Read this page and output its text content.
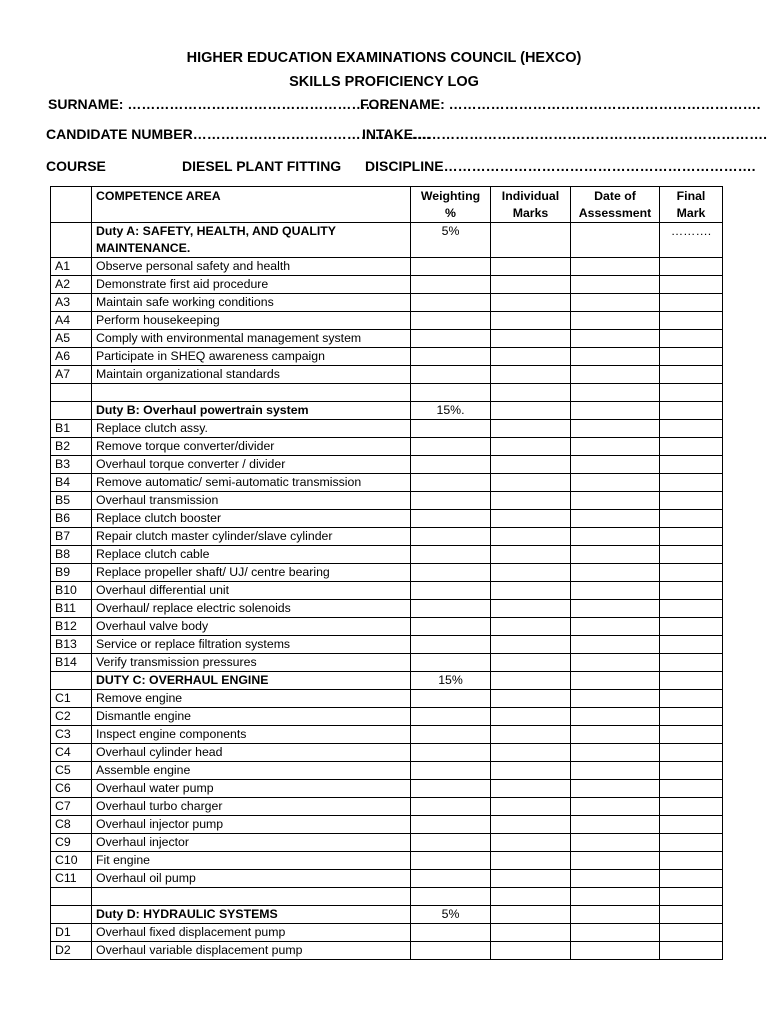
HIGHER EDUCATION EXAMINATIONS COUNCIL (HEXCO)
SKILLS PROFICIENCY LOG
SURNAME: …………………………………………………
FORENAME: ………………………………………………………….
CANDIDATE NUMBER……………………………………………
INTAKE………………………………………………………………….
COURSE	DIESEL PLANT FITTING DISCIPLINE………………………………………………………….
	COMPETENCE AREA	Weighting %	Individual Marks	Date of Assessment	Final Mark
	Duty A: SAFETY, HEALTH, AND QUALITY MAINTENANCE.	5%			……….
A1	Observe personal safety and health				
A2	Demonstrate first aid procedure				
A3	Maintain safe working conditions				
A4	Perform housekeeping				
A5	Comply with environmental management system				
A6	Participate in SHEQ awareness campaign				
A7	Maintain organizational standards				

	Duty B: Overhaul powertrain system	15%.			
B1	Replace clutch assy.				
B2	Remove torque converter/divider				
B3	Overhaul torque converter / divider				
B4	Remove automatic/ semi-automatic transmission				
B5	Overhaul transmission				
B6	Replace clutch booster				
B7	Repair clutch master cylinder/slave cylinder				
B8	Replace clutch cable				
B9	Replace propeller shaft/ UJ/ centre bearing				
B10	Overhaul differential unit				
B11	Overhaul/ replace electric solenoids				
B12	Overhaul valve body				
B13	Service or replace filtration systems				
B14	Verify transmission pressures				
	DUTY C: OVERHAUL ENGINE	15%			
C1	Remove engine				
C2	Dismantle engine				
C3	Inspect engine components				
C4	Overhaul cylinder head				
C5	Assemble engine				
C6	Overhaul water pump				
C7	Overhaul turbo charger				
C8	Overhaul injector pump				
C9	Overhaul injector				
C10	Fit engine				
C11	Overhaul oil pump				

	Duty D: HYDRAULIC SYSTEMS	5%			
D1	Overhaul fixed displacement pump				
D2	Overhaul variable displacement pump				
